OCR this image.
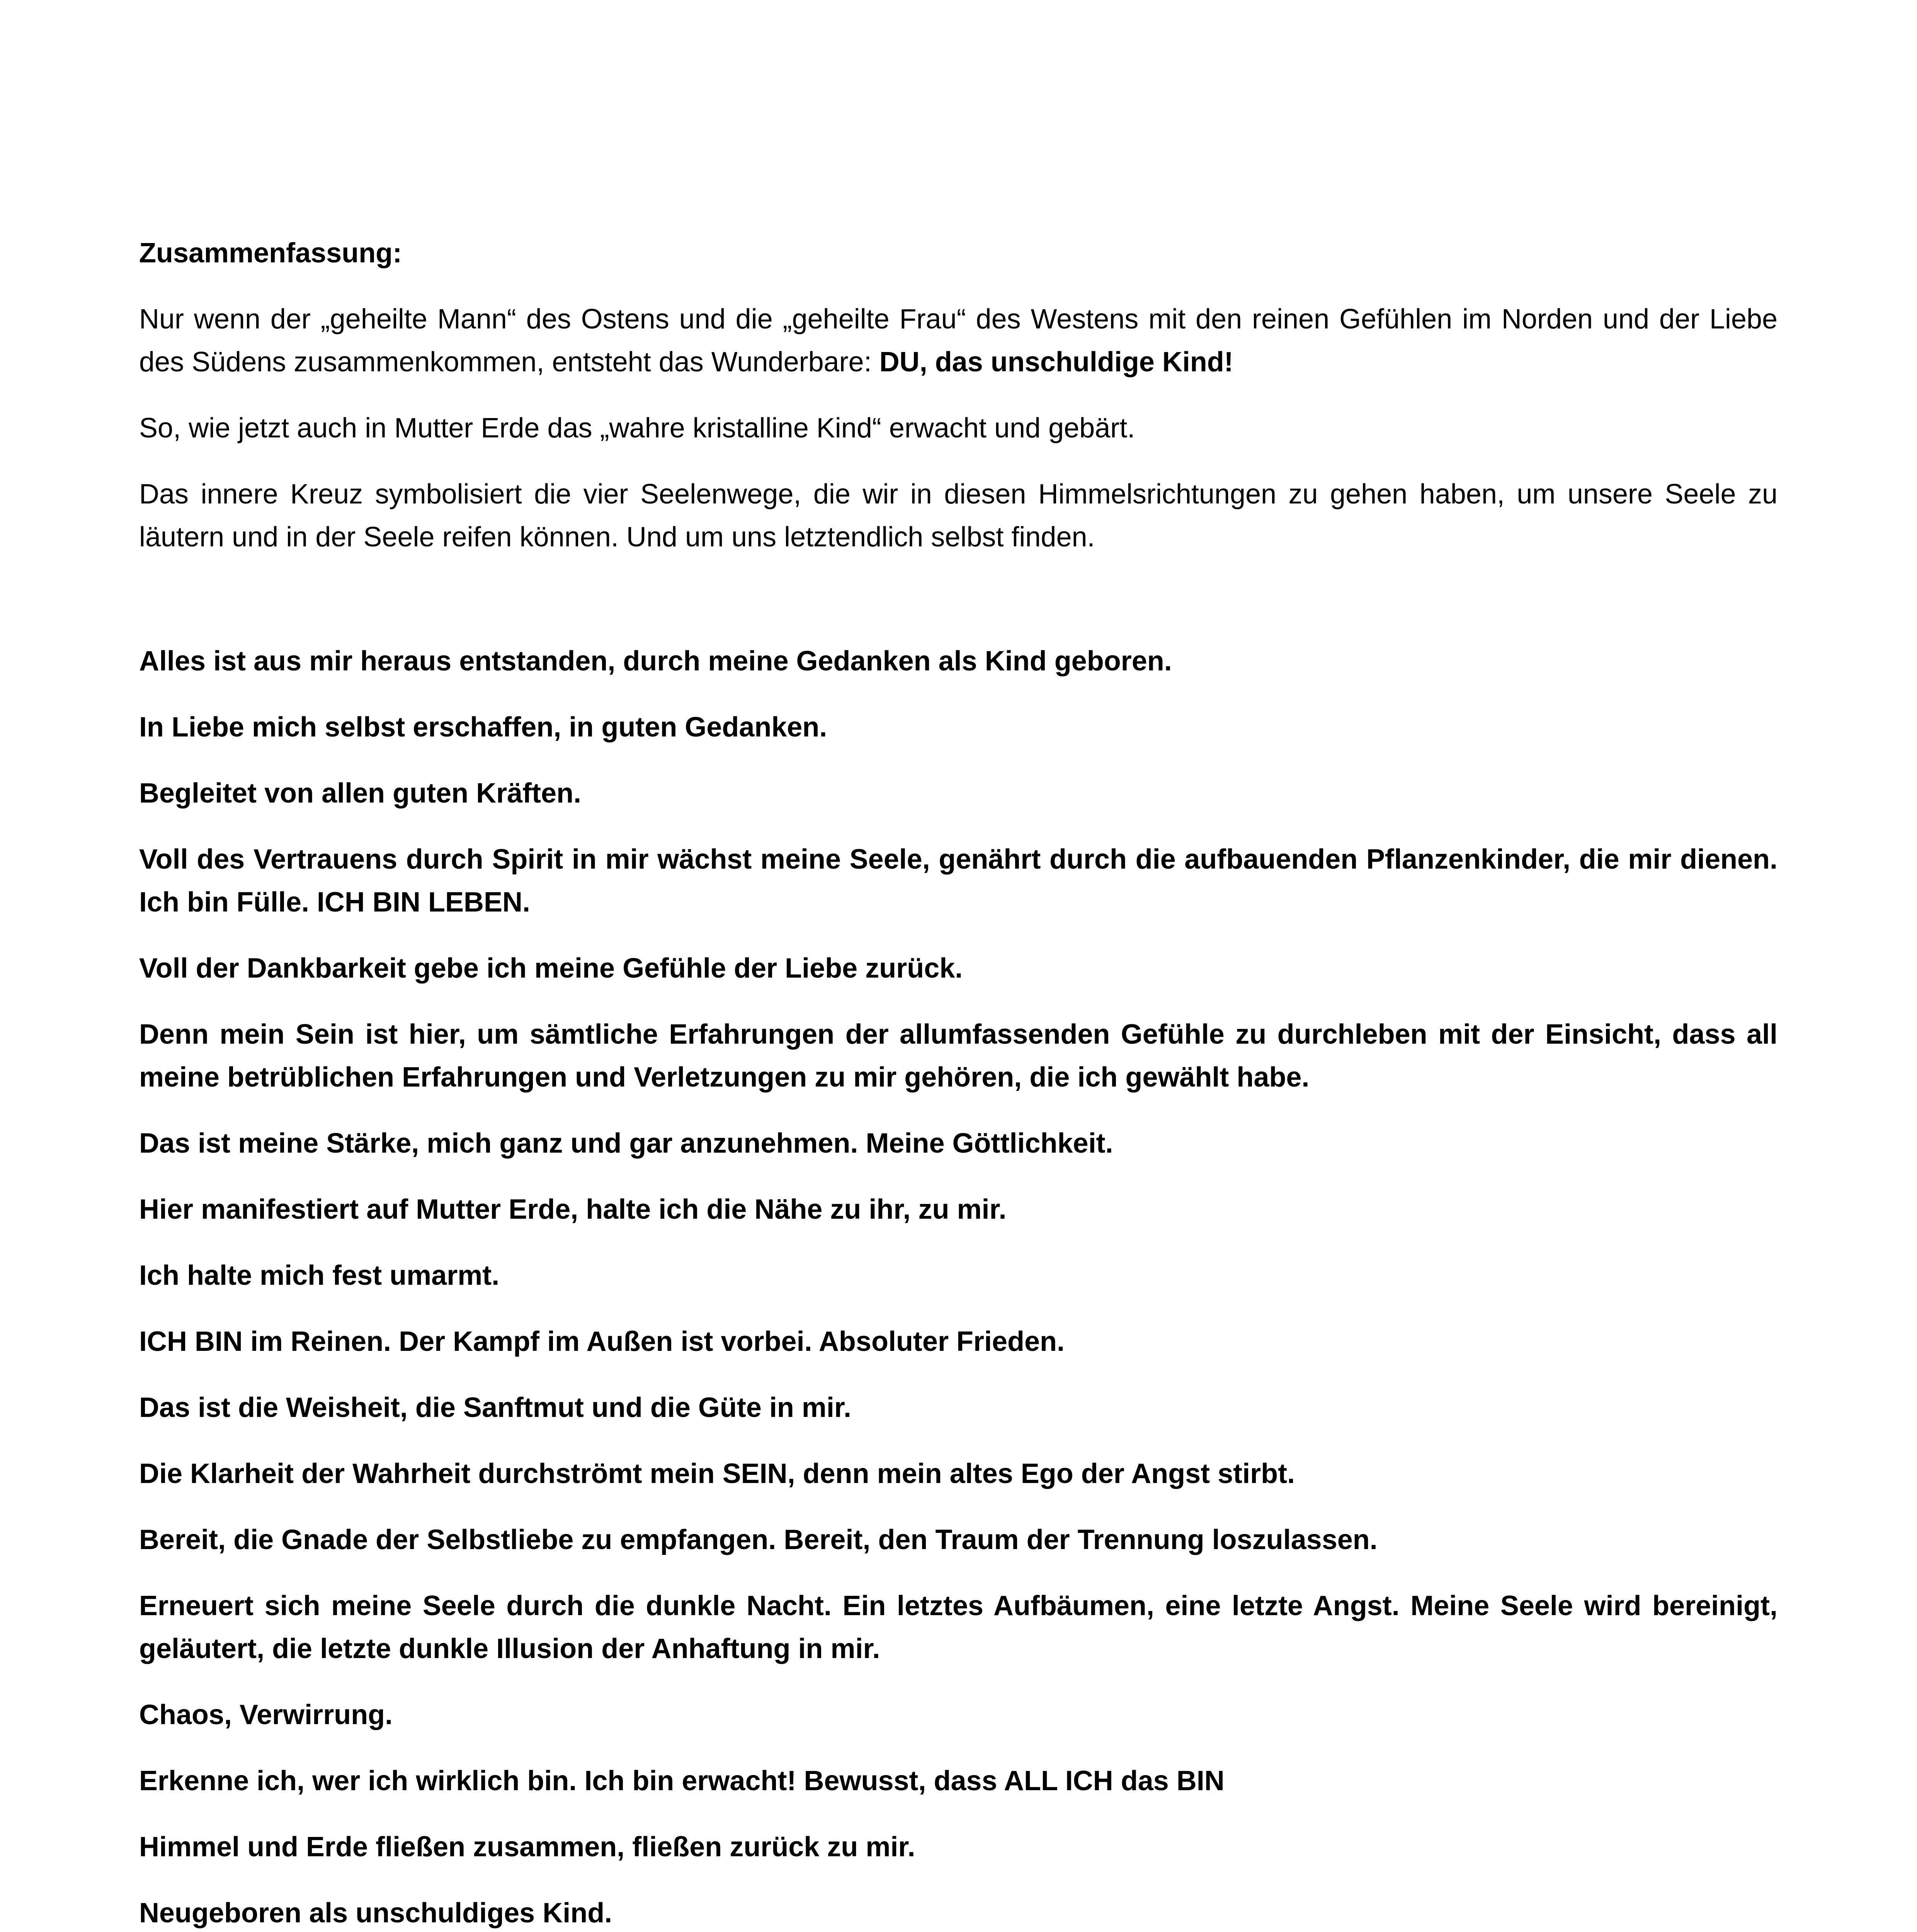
Zusammenfassung:

Nur wenn der „geheilte Mann“ des Ostens und die „geheilte Frau“ des Westens mit den reinen Gefühlen im Norden und der Liebe des Südens zusammenkommen, entsteht das Wunderbare: DU, das unschuldige Kind!

So, wie jetzt auch in Mutter Erde das „wahre kristalline Kind“ erwacht und gebärt.

Das innere Kreuz symbolisiert die vier Seelenwege, die wir in diesen Himmelsrichtungen zu gehen haben, um unsere Seele zu läutern und in der Seele reifen können. Und um uns letztendlich selbst finden.

Alles ist aus mir heraus entstanden, durch meine Gedanken als Kind geboren.

In Liebe mich selbst erschaffen, in guten Gedanken.

Begleitet von allen guten Kräften.

Voll des Vertrauens durch Spirit in mir wächst meine Seele, genährt durch die aufbauenden Pflanzenkinder, die mir dienen. Ich bin Fülle. ICH BIN LEBEN.

Voll der Dankbarkeit gebe ich meine Gefühle der Liebe zurück.

Denn mein Sein ist hier, um sämtliche Erfahrungen der allumfassenden Gefühle zu durchleben mit der Einsicht, dass all meine betrüblichen Erfahrungen und Verletzungen zu mir gehören, die ich gewählt habe.

Das ist meine Stärke, mich ganz und gar anzunehmen. Meine Göttlichkeit.

Hier manifestiert auf Mutter Erde, halte ich die Nähe zu ihr, zu mir.

Ich halte mich fest umarmt.

ICH BIN im Reinen. Der Kampf im Außen ist vorbei. Absoluter Frieden.

Das ist die Weisheit, die Sanftmut und die Güte in mir.

Die Klarheit der Wahrheit durchströmt mein SEIN, denn mein altes Ego der Angst stirbt.

Bereit, die Gnade der Selbstliebe zu empfangen. Bereit, den Traum der Trennung loszulassen.

Erneuert sich meine Seele durch die dunkle Nacht. Ein letztes Aufbäumen, eine letzte Angst. Meine Seele wird bereinigt, geläutert, die letzte dunkle Illusion der Anhaftung in mir.

Chaos, Verwirrung.

Erkenne ich, wer ich wirklich bin. Ich bin erwacht! Bewusst, dass ALL ICH das BIN

Himmel und Erde fließen zusammen, fließen zurück zu mir.

Neugeboren als unschuldiges Kind.
